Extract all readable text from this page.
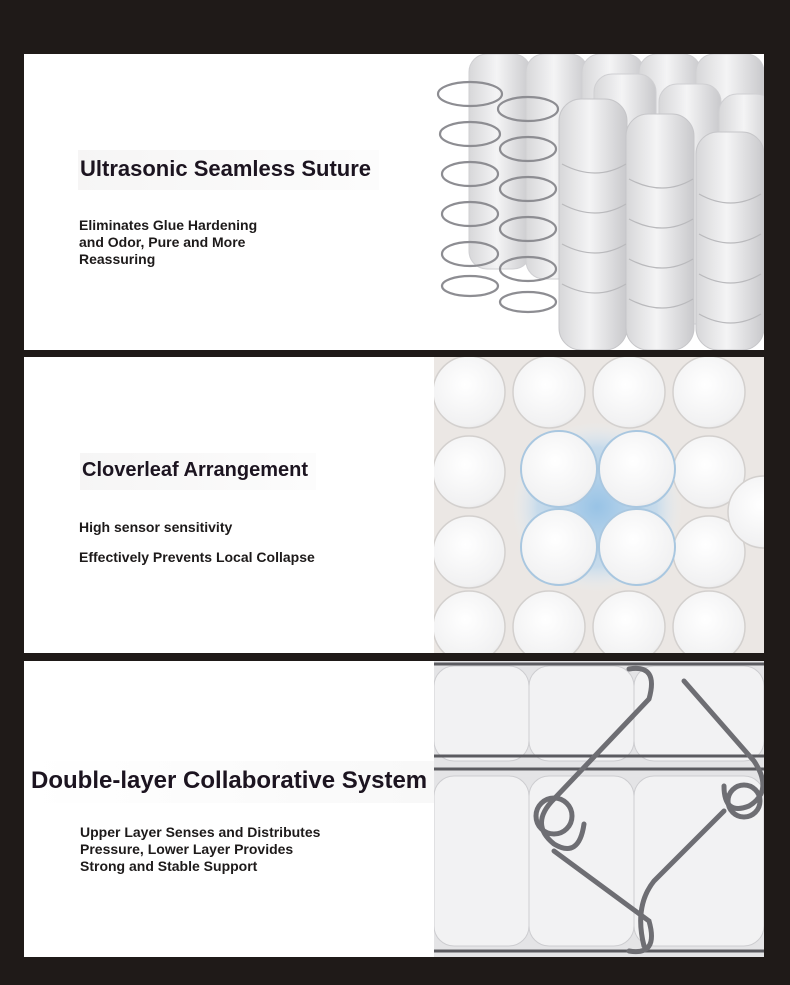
Ultrasonic Seamless Suture
Eliminates Glue Hardening
and Odor, Pure and More
Reassuring
Cloverleaf Arrangement
High sensor sensitivity
Effectively Prevents Local Collapse
Double-layer Collaborative System
Upper Layer Senses and Distributes
Pressure, Lower Layer Provides
Strong and Stable Support
